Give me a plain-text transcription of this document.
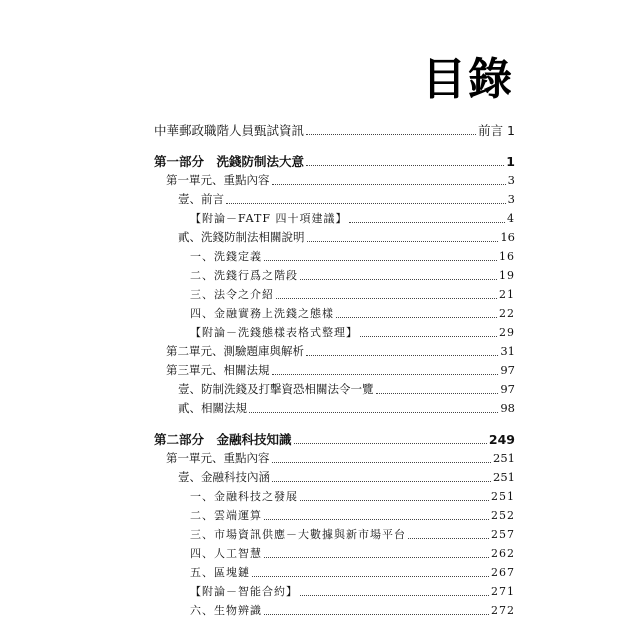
目錄
中華郵政職階人員甄試資訊	前言 1
第一部分　洗錢防制法大意	1
第一單元、重點內容	3
壹、前言	3
【附論－FATF 四十項建議】	4
貳、洗錢防制法相關說明	16
一、洗錢定義	16
二、洗錢行爲之階段	19
三、法令之介紹	21
四、金融實務上洗錢之態樣	22
【附論－洗錢態樣表格式整理】	29
第二單元、測驗題庫與解析	31
第三單元、相關法規	97
壹、防制洗錢及打擊資恐相關法令一覽	97
貳、相關法規	98
第二部分　金融科技知識	249
第一單元、重點內容	251
壹、金融科技內涵	251
一、金融科技之發展	251
二、雲端運算	252
三、市場資訊供應－大數據與新市場平台	257
四、人工智慧	262
五、區塊鏈	267
【附論－智能合約】	271
六、生物辨識	272
